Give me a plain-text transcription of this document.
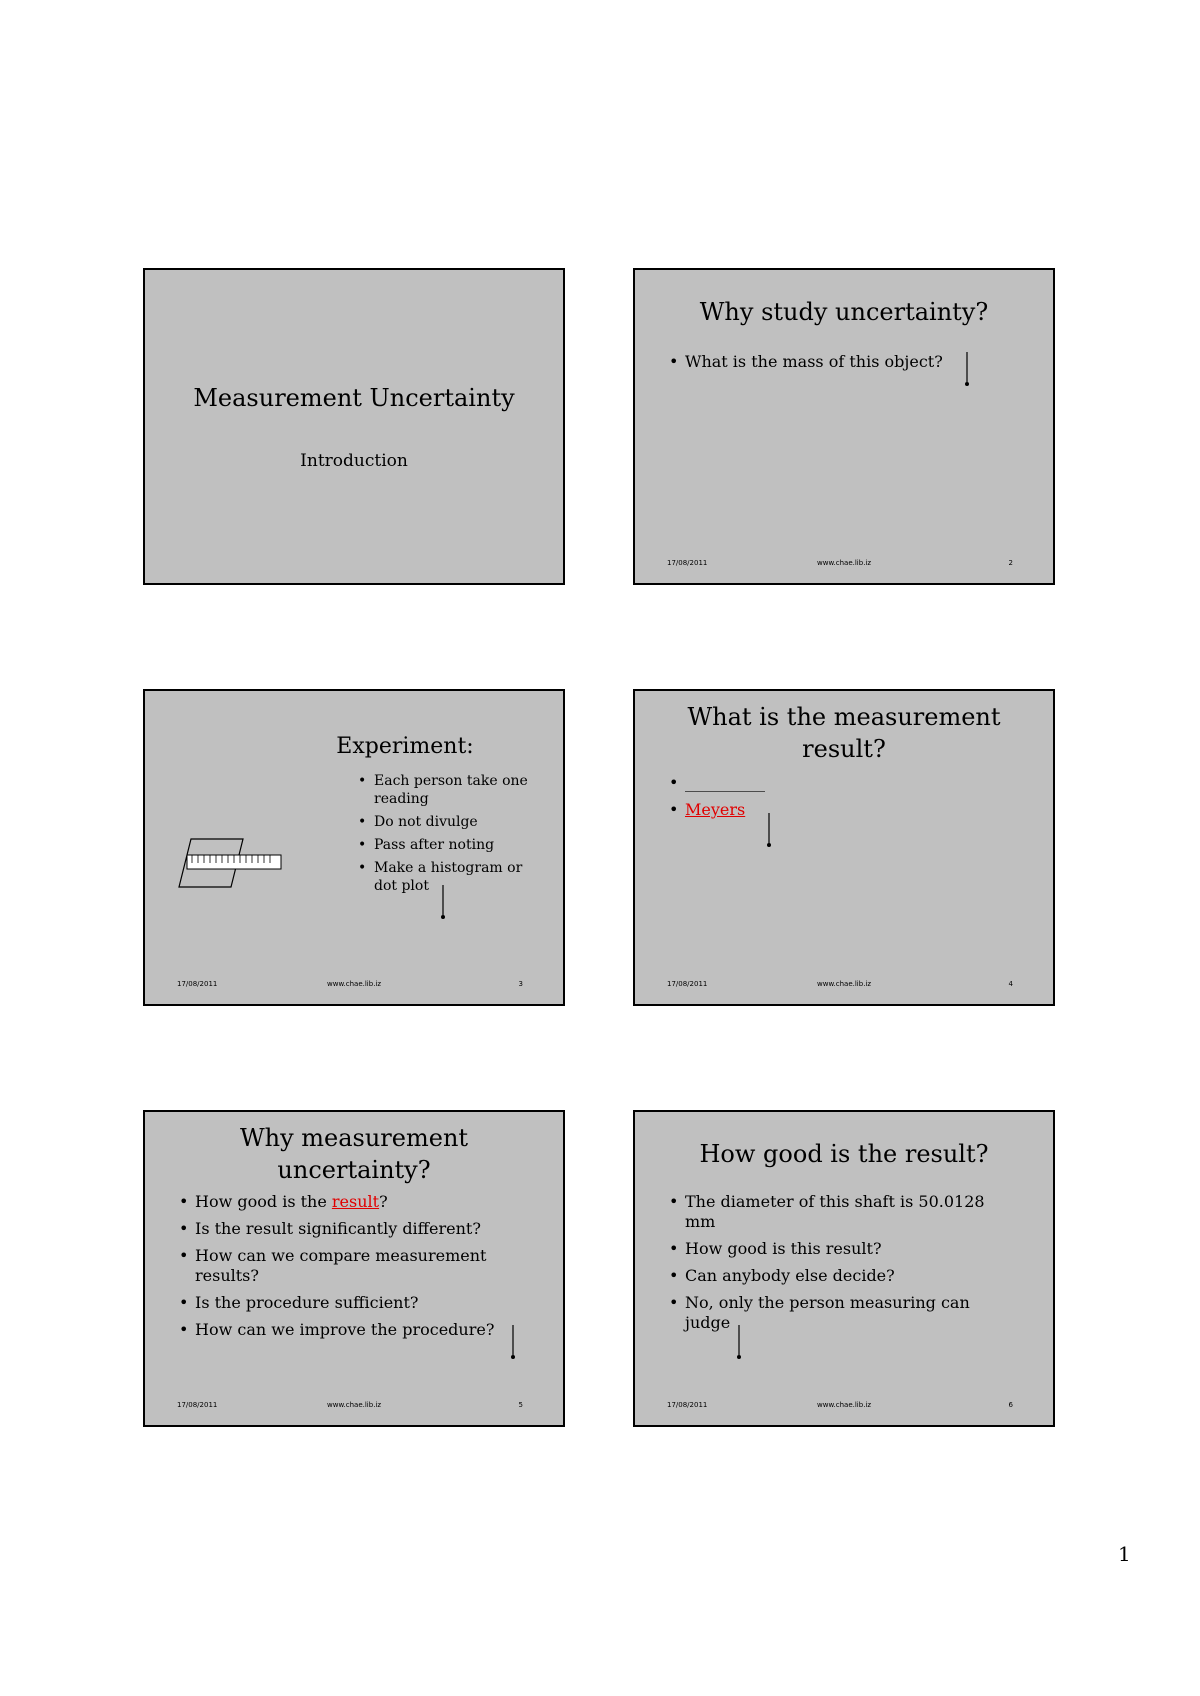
Measurement Uncertainty
Introduction
Why study uncertainty?
• What is the mass of this object?
17/08/2011	www.chae.lib.iz	2
Experiment:
• Each person take one reading
• Do not divulge
• Pass after noting
• Make a histogram or dot plot
17/08/2011	www.chae.lib.iz	3
What is the measurement result?
• __________
• Meyers
17/08/2011	www.chae.lib.iz	4
Why measurement uncertainty?
• How good is the result?
• Is the result significantly different?
• How can we compare measurement results?
• Is the procedure sufficient?
• How can we improve the procedure?
17/08/2011	www.chae.lib.iz	5
How good is the result?
• The diameter of this shaft is 50.0128 mm
• How good is this result?
• Can anybody else decide?
• No, only the person measuring can judge
17/08/2011	www.chae.lib.iz	6
1
